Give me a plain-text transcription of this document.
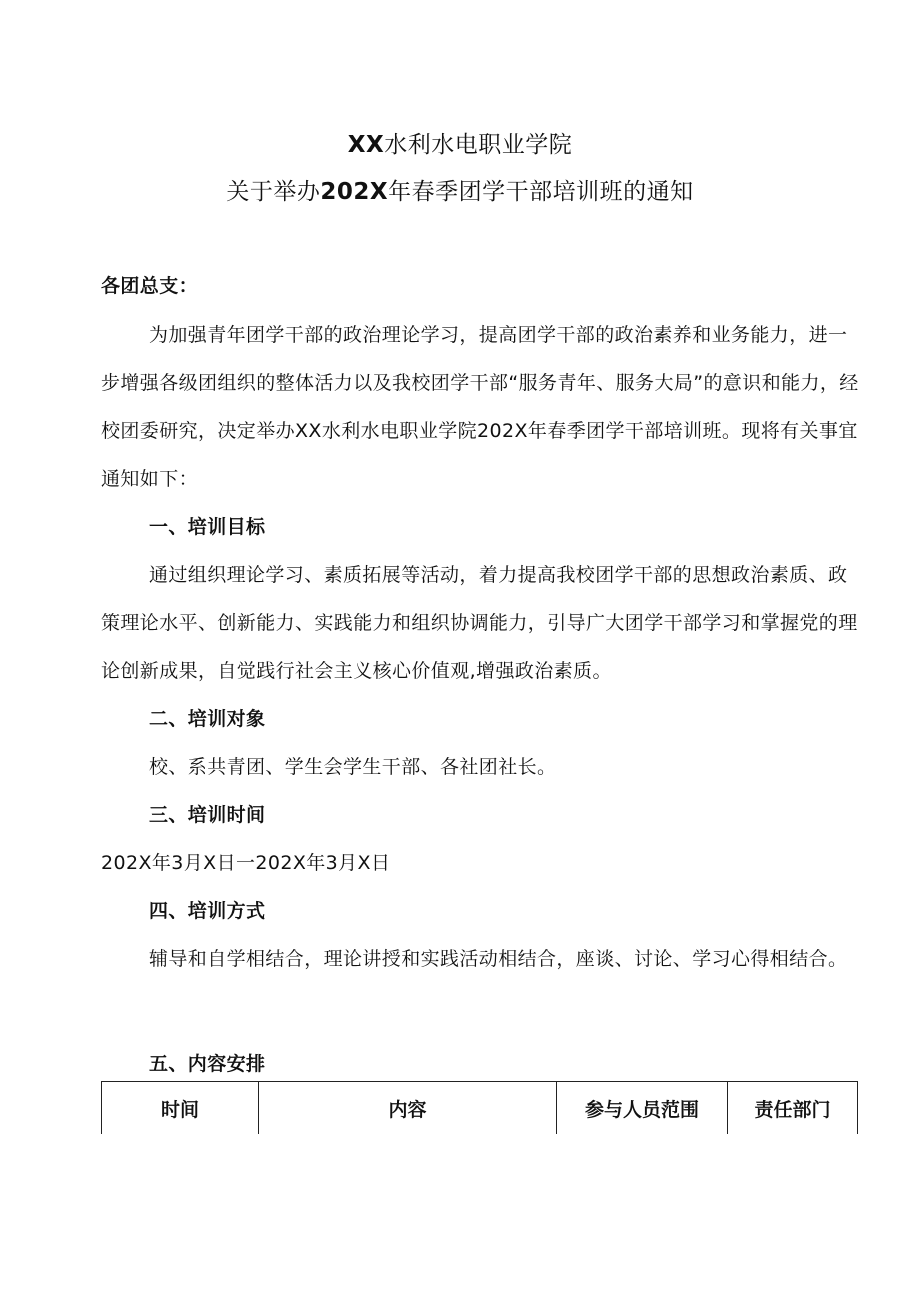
XX水利水电职业学院
关于举办202X年春季团学干部培训班的通知
各团总支：
为加强青年团学干部的政治理论学习，提高团学干部的政治素养和业务能力，进一步增强各级团组织的整体活力以及我校团学干部“服务青年、服务大局”的意识和能力，经校团委研究，决定举办XX水利水电职业学院202X年春季团学干部培训班。现将有关事宜通知如下：
一、培训目标
通过组织理论学习、素质拓展等活动，着力提高我校团学干部的思想政治素质、政策理论水平、创新能力、实践能力和组织协调能力，引导广大团学干部学习和掌握党的理论创新成果，自觉践行社会主义核心价值观,增强政治素质。
二、培训对象
校、系共青团、学生会学生干部、各社团社长。
三、培训时间
202X年3月X日一202X年3月X日
四、培训方式
辅导和自学相结合，理论讲授和实践活动相结合，座谈、讨论、学习心得相结合。
五、内容安排
时间	内容	参与人员范围	责任部门
